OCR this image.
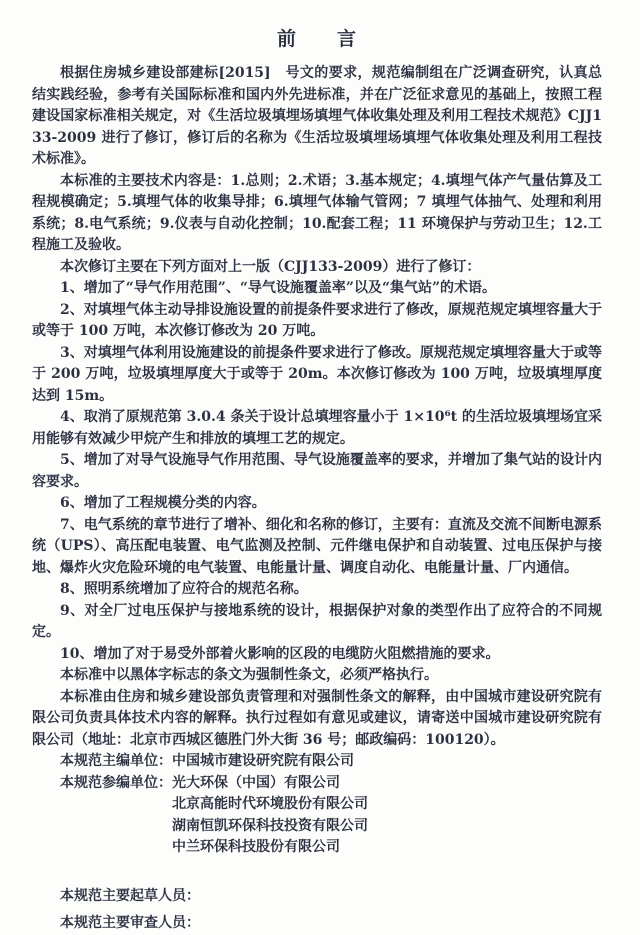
前　　言

根据住房城乡建设部建标[2015]　号文的要求，规范编制组在广泛调查研究，认真总结实践经验，参考有关国际标准和国内外先进标准，并在广泛征求意见的基础上，按照工程建设国家标准相关规定，对《生活垃圾填埋场填埋气体收集处理及利用工程技术规范》CJJ133-2009 进行了修订，修订后的名称为《生活垃圾填埋场填埋气体收集处理及利用工程技术标准》。

本标准的主要技术内容是：1.总则；2.术语；3.基本规定；4.填埋气体产气量估算及工程规模确定；5.填埋气体的收集导排；6.填埋气体输气管网；7 填埋气体抽气、处理和利用系统；8.电气系统；9.仪表与自动化控制；10.配套工程；11 环境保护与劳动卫生；12.工程施工及验收。

本次修订主要在下列方面对上一版（CJJ133-2009）进行了修订：

1、增加了“导气作用范围”、“导气设施覆盖率”以及“集气站”的术语。

2、对填埋气体主动导排设施设置的前提条件要求进行了修改，原规范规定填埋容量大于或等于 100 万吨，本次修订修改为 20 万吨。

3、对填埋气体利用设施建设的前提条件要求进行了修改。原规范规定填埋容量大于或等于 200 万吨，垃圾填埋厚度大于或等于 20m。本次修订修改为 100 万吨，垃圾填埋厚度达到 15m。

4、取消了原规范第 3.0.4 条关于设计总填埋容量小于 1×10⁶t 的生活垃圾填埋场宜采用能够有效减少甲烷产生和排放的填埋工艺的规定。

5、增加了对导气设施导气作用范围、导气设施覆盖率的要求，并增加了集气站的设计内容要求。

6、增加了工程规模分类的内容。

7、电气系统的章节进行了增补、细化和名称的修订，主要有：直流及交流不间断电源系统（UPS）、高压配电装置、电气监测及控制、元件继电保护和自动装置、过电压保护与接地、爆炸火灾危险环境的电气装置、电能量计量、调度自动化、电能量计量、厂内通信。

8、照明系统增加了应符合的规范名称。

9、对全厂过电压保护与接地系统的设计，根据保护对象的类型作出了应符合的不同规定。

10、增加了对于易受外部着火影响的区段的电缆防火阻燃措施的要求。

本标准中以黑体字标志的条文为强制性条文，必须严格执行。

本标准由住房和城乡建设部负责管理和对强制性条文的解释，由中国城市建设研究院有限公司负责具体技术内容的解释。执行过程如有意见或建议，请寄送中国城市建设研究院有限公司（地址：北京市西城区德胜门外大街 36 号；邮政编码：100120）。

本规范主编单位： 中国城市建设研究院有限公司
本规范参编单位： 光大环保（中国）有限公司
北京高能时代环境股份有限公司
湖南恒凯环保科技投资有限公司
中兰环保科技股份有限公司

本规范主要起草人员：

本规范主要审查人员：
